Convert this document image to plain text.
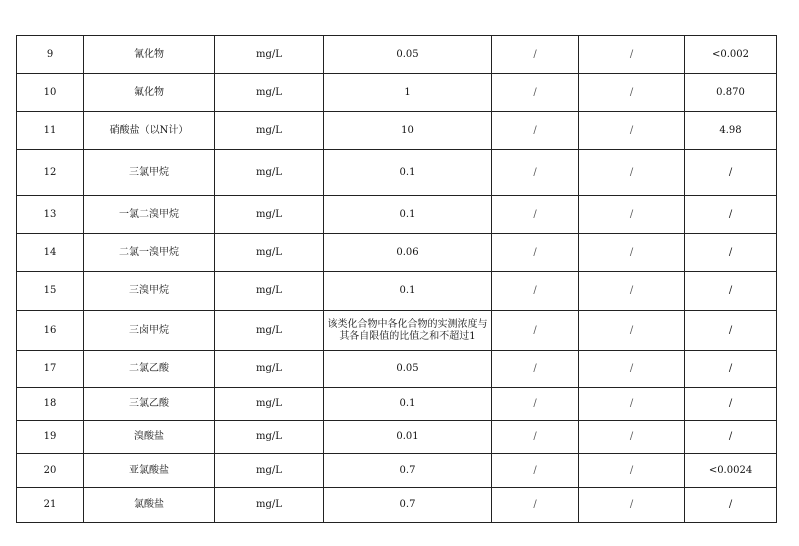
9	氰化物	mg/L	0.05	/	/	<0.002
10	氟化物	mg/L	1	/	/	0.870
11	硝酸盐（以N计）	mg/L	10	/	/	4.98
12	三氯甲烷	mg/L	0.1	/	/	/
13	一氯二溴甲烷	mg/L	0.1	/	/	/
14	二氯一溴甲烷	mg/L	0.06	/	/	/
15	三溴甲烷	mg/L	0.1	/	/	/
16	三卤甲烷	mg/L	该类化合物中各化合物的实测浓度与其各自限值的比值之和不超过1	/	/	/
17	二氯乙酸	mg/L	0.05	/	/	/
18	三氯乙酸	mg/L	0.1	/	/	/
19	溴酸盐	mg/L	0.01	/	/	/
20	亚氯酸盐	mg/L	0.7	/	/	<0.0024
21	氯酸盐	mg/L	0.7	/	/	/
